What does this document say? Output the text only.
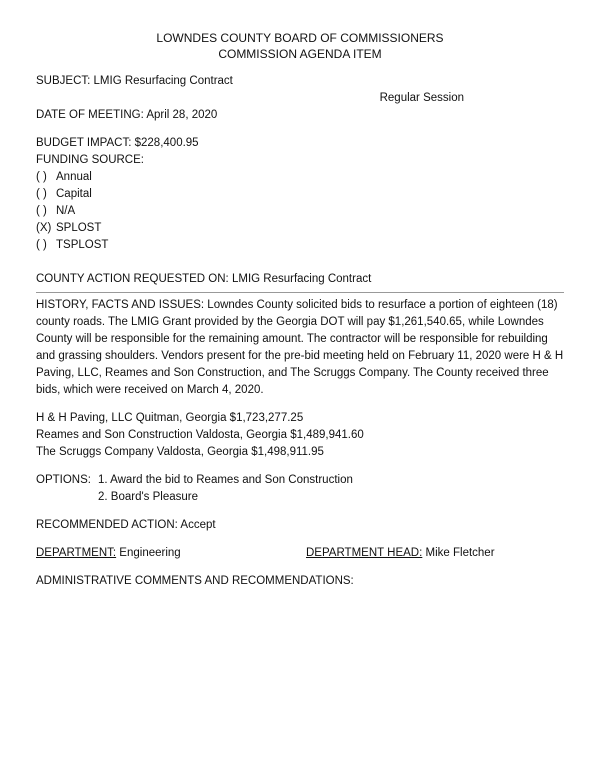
LOWNDES COUNTY BOARD OF COMMISSIONERS
COMMISSION AGENDA ITEM
SUBJECT: LMIG Resurfacing Contract
Regular Session
DATE OF MEETING: April 28, 2020
BUDGET IMPACT: $228,400.95
FUNDING SOURCE:
( ) Annual
( ) Capital
( ) N/A
(X) SPLOST
( ) TSPLOST
COUNTY ACTION REQUESTED ON: LMIG Resurfacing Contract

HISTORY, FACTS AND ISSUES: Lowndes County solicited bids to resurface a portion of eighteen (18) county roads. The LMIG Grant provided by the Georgia DOT will pay $1,261,540.65, while Lowndes County will be responsible for the remaining amount. The contractor will be responsible for rebuilding and grassing shoulders. Vendors present for the pre-bid meeting held on February 11, 2020 were H & H Paving, LLC, Reames and Son Construction, and The Scruggs Company. The County received three bids, which were received on March 4, 2020.

H & H Paving, LLC Quitman, Georgia $1,723,277.25
Reames and Son Construction Valdosta, Georgia $1,489,941.60
The Scruggs Company Valdosta, Georgia $1,498,911.95
OPTIONS: 1. Award the bid to Reames and Son Construction
2. Board's Pleasure
RECOMMENDED ACTION: Accept
DEPARTMENT: Engineering	DEPARTMENT HEAD: Mike Fletcher
ADMINISTRATIVE COMMENTS AND RECOMMENDATIONS:
